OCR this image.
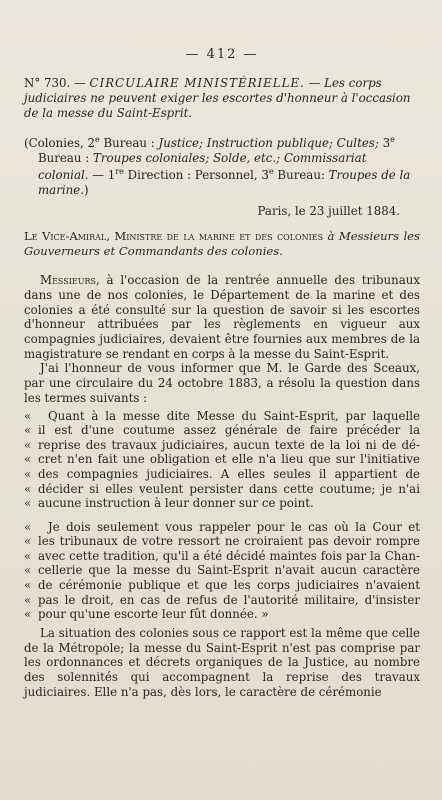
— 412 —
N° 730. — CIRCULAIRE MINISTÉRIELLE. — Les corps judiciaires ne peuvent exiger les escortes d'honneur à l'occasion de la messe du Saint-Esprit.
(Colonies, 2e Bureau : Justice; Instruction publique; Cultes; 3e Bureau : Troupes coloniales; Solde, etc.; Commissariat colonial. — 1re Direction : Personnel, 3e Bureau: Troupes de la marine.)
Paris, le 23 juillet 1884.
Le Vice-Amiral, Ministre de la marine et des colonies à Messieurs les Gouverneurs et Commandants des colonies.

Messieurs, à l'occasion de la rentrée annuelle des tribunaux dans une de nos colonies, le Département de la marine et des colonies a été consulté sur la question de savoir si les escortes d'honneur attribuées par les règlements en vigueur aux compagnies judiciaires, devaient être fournies aux membres de la magistrature se rendant en corps à la messe du Saint-Esprit.

J'ai l'honneur de vous informer que M. le Garde des Sceaux, par une circulaire du 24 octobre 1883, a résolu la question dans les termes suivants :

« Quant à la messe dite Messe du Saint-Esprit, par laquelle
« il est d'une coutume assez générale de faire précéder la
« reprise des travaux judiciaires, aucun texte de la loi ni de dé-
« cret n'en fait une obligation et elle n'a lieu que sur l'initiative
« des compagnies judiciaires. A elles seules il appartient de
« décider si elles veulent persister dans cette coutume; je n'ai
« aucune instruction à leur donner sur ce point.
« Je dois seulement vous rappeler pour le cas où la Cour et
« les tribunaux de votre ressort ne croiraient pas devoir rompre
« avec cette tradition, qu'il a été décidé maintes fois par la Chan-
« cellerie que la messe du Saint-Esprit n'avait aucun caractère
« de cérémonie publique et que les corps judiciaires n'avaient
« pas le droit, en cas de refus de l'autorité militaire, d'insister
« pour qu'une escorte leur fût donnée. »

La situation des colonies sous ce rapport est la même que celle de la Métropole; la messe du Saint-Esprit n'est pas comprise par les ordonnances et décrets organiques de la Justice, au nombre des solennités qui accompagnent la reprise des travaux judiciaires. Elle n'a pas, dès lors, le caractère de cérémonie
